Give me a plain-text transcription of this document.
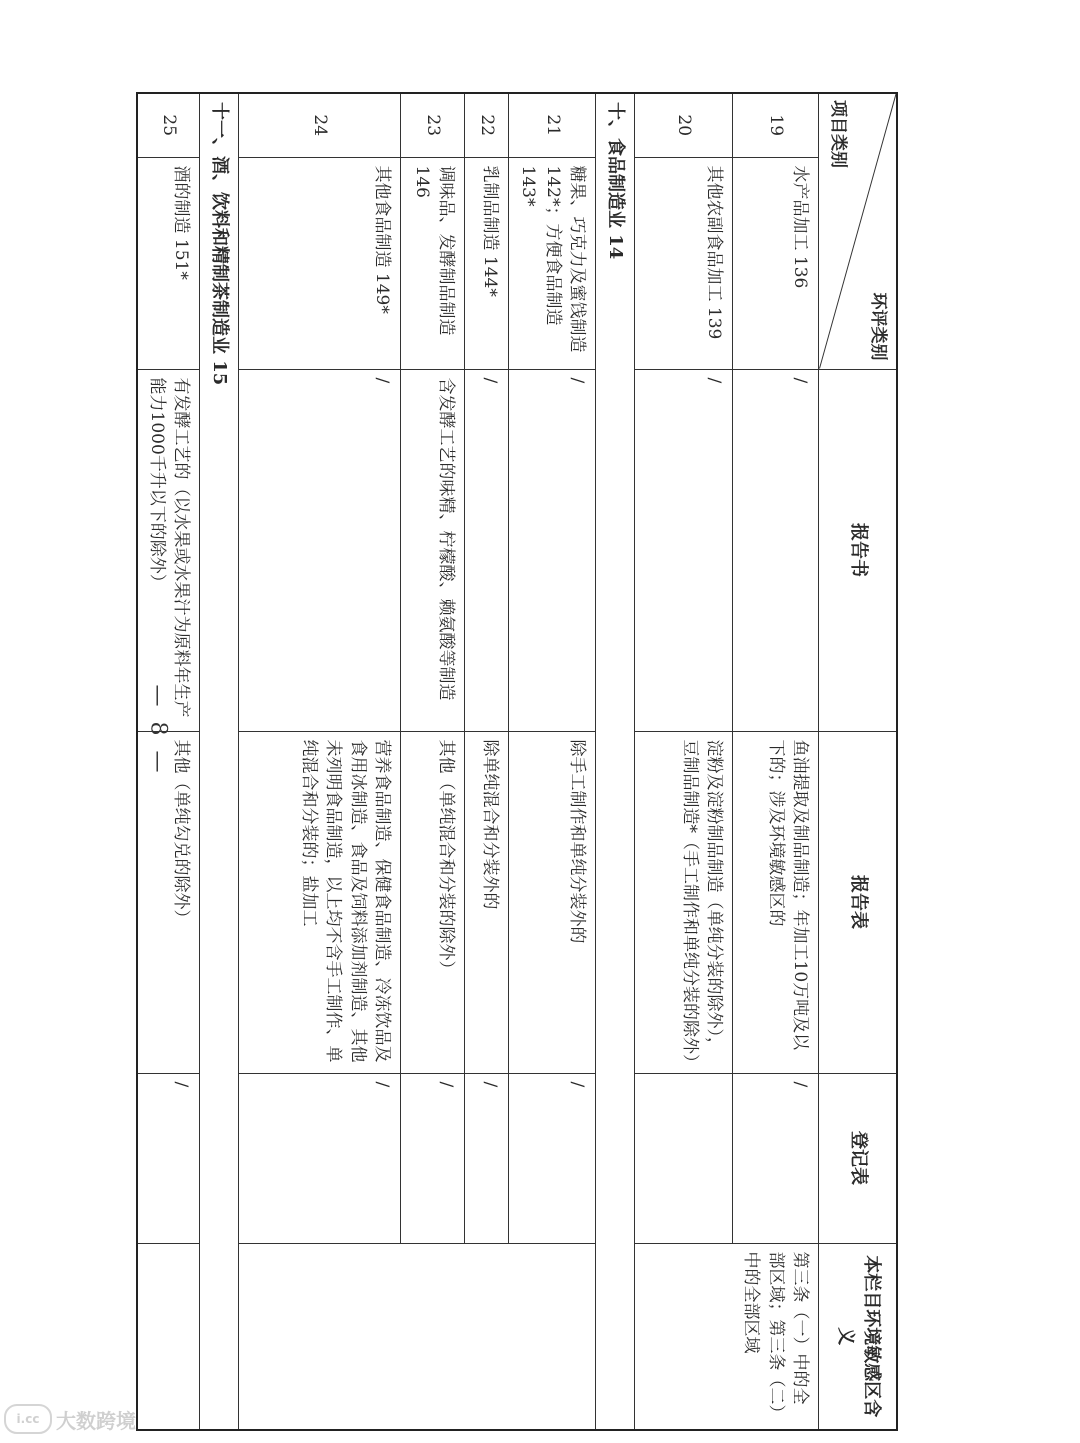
环评类别
项目类别		报告书	报告表	登记表	本栏目环境敏感区含义
19	水产品加工 136	/	鱼油提取及制品制造；年加工10万吨及以下的；涉及环境敏感区的	/	第三条（一）中的全部区域；第三条（二）中的全部区域
20	其他农副食品加工 139	/	淀粉及淀粉制品制造（单纯分装的除外），豆制品制造*（手工制作和单纯分装的除外）		
十、食品制造业 14					
21	糖果、巧克力及蜜饯制造 142*；方便食品制造 143*	/	除手工制作和单纯分装外的	/	
22	乳制品制造 144*	/	除单纯混合和分装外的	/	
23	调味品、发酵制品制造 146	含发酵工艺的味精、柠檬酸、赖氨酸等制造	其他（单纯混合和分装的除外）	/	
24	其他食品制造 149*	/	营养食品制造、保健食品制造、冷冻饮品及食用冰制造、食品及饲料添加剂制造、其他未列明食品制造，以上均不含手工制作、单纯混合和分装的；盐加工	/	
十一、酒、饮料和精制茶制造业 15					
25	酒的制造 151*	有发酵工艺的（以水果或水果汁为原料年生产能力1000千升以下的除外）	其他（单纯勾兑的除外）	/	
— 8 —
i.cc 大数跨境
